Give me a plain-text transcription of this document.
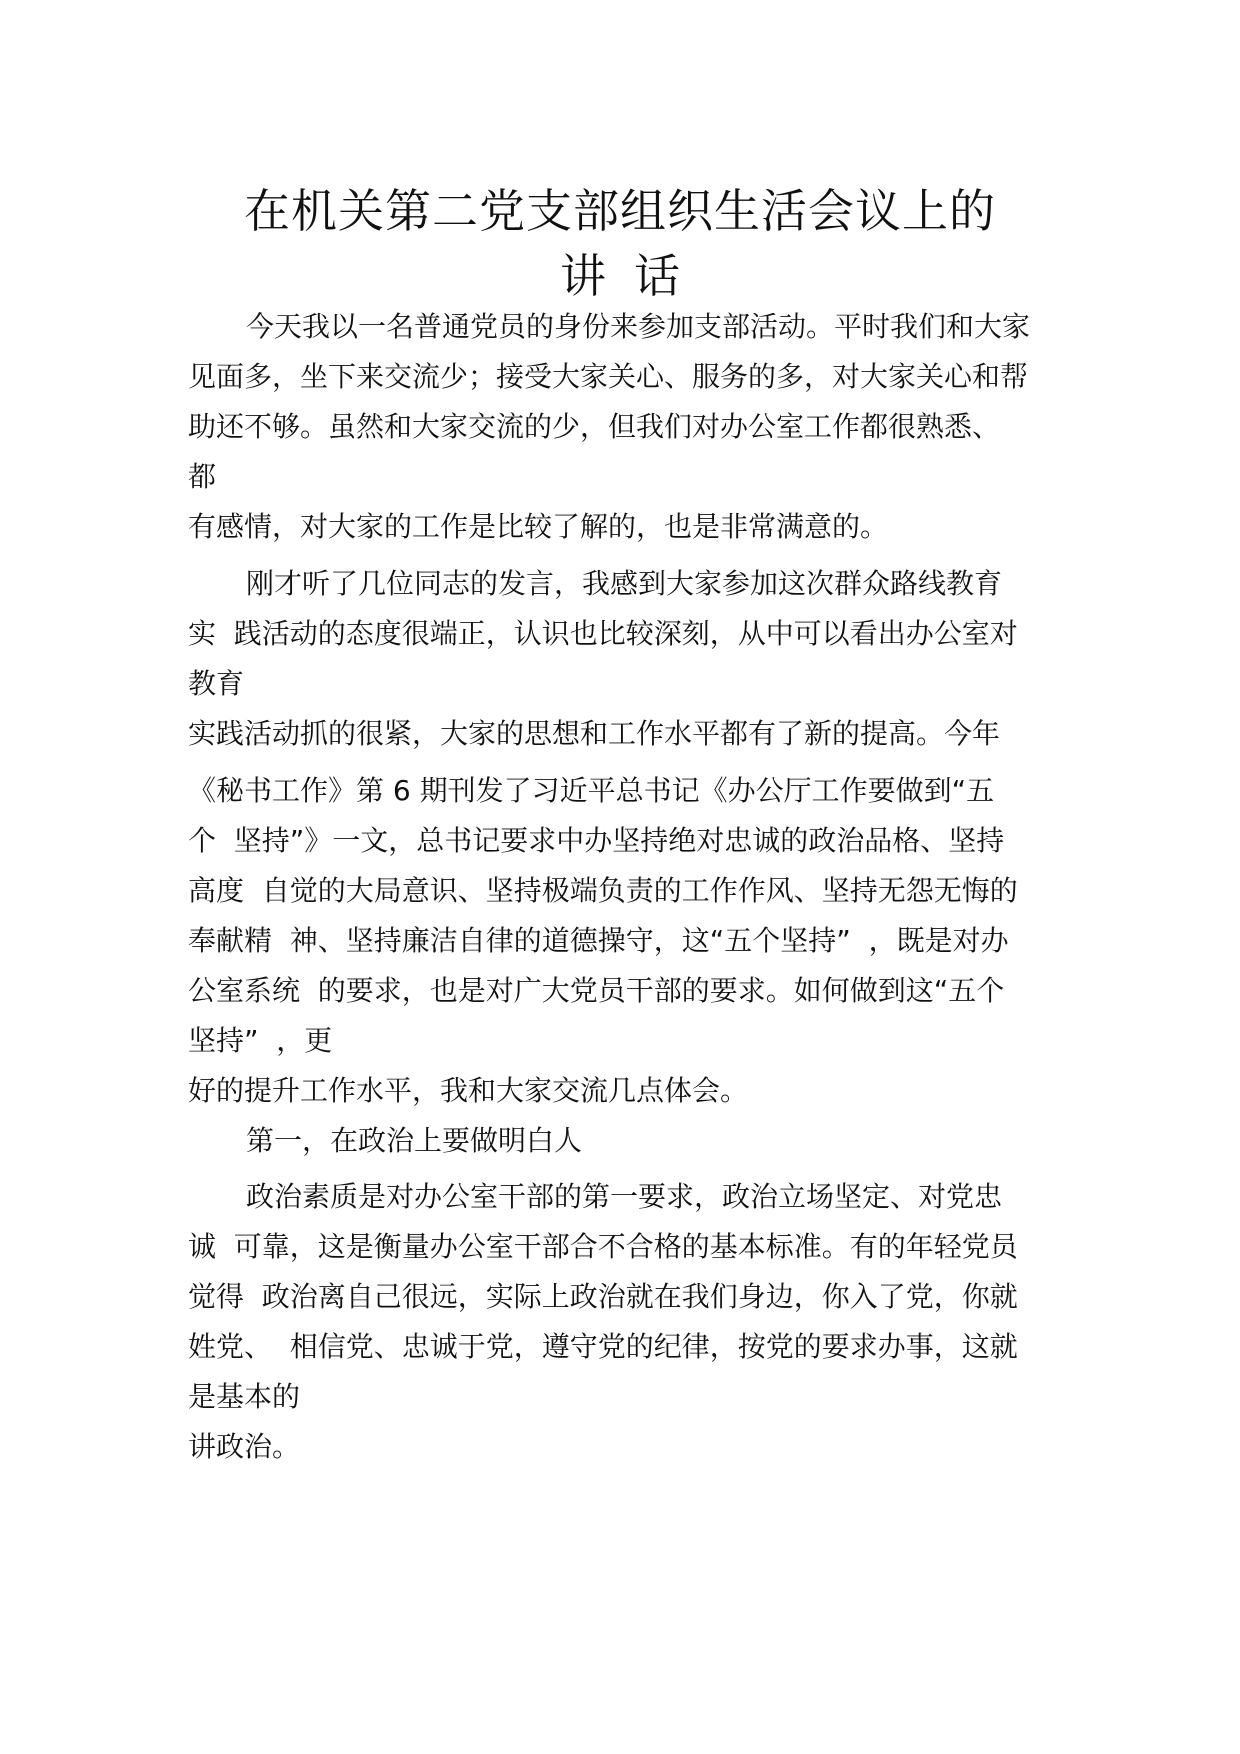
在机关第二党支部组织生活会议上的
讲话
今天我以一名普通党员的身份来参加支部活动。平时我们和大家
见面多，坐下来交流少；接受大家关心、服务的多，对大家关心和帮
助还不够。虽然和大家交流的少，但我们对办公室工作都很熟悉、
都
有感情，对大家的工作是比较了解的，也是非常满意的。
刚才听了几位同志的发言，我感到大家参加这次群众路线教育
实  践活动的态度很端正，认识也比较深刻，从中可以看出办公室对
教育
实践活动抓的很紧，大家的思想和工作水平都有了新的提高。今年
《秘书工作》第 6 期刊发了习近平总书记《办公厅工作要做到“五
个  坚持”》一文，总书记要求中办坚持绝对忠诚的政治品格、坚持
高度  自觉的大局意识、坚持极端负责的工作作风、坚持无怨无悔的
奉献精  神、坚持廉洁自律的道德操守，这“五个坚持”  ，既是对办
公室系统  的要求，也是对广大党员干部的要求。如何做到这“五个
坚持”  ，更
好的提升工作水平，我和大家交流几点体会。
第一，在政治上要做明白人
政治素质是对办公室干部的第一要求，政治立场坚定、对党忠
诚  可靠，这是衡量办公室干部合不合格的基本标准。有的年轻党员
觉得  政治离自己很远，实际上政治就在我们身边，你入了党，你就
姓党、  相信党、忠诚于党，遵守党的纪律，按党的要求办事，这就
是基本的
讲政治。
